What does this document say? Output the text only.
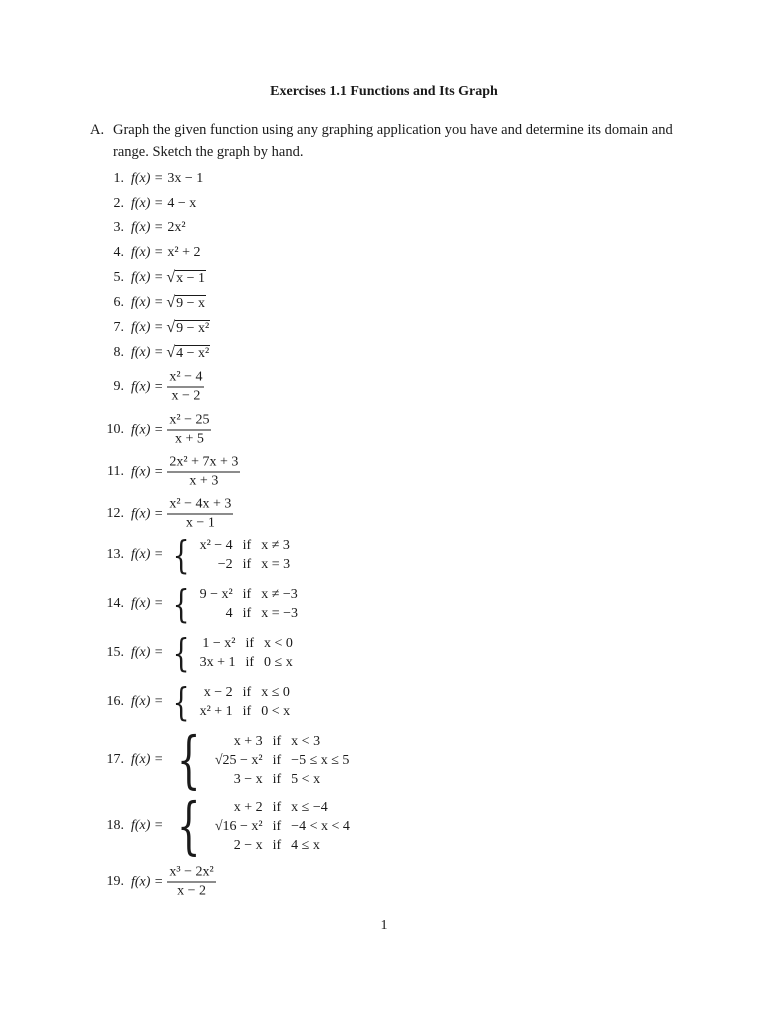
Exercises 1.1 Functions and Its Graph
A. Graph the given function using any graphing application you have and determine its domain and range. Sketch the graph by hand.
1. f(x) = 3x − 1
2. f(x) = 4 − x
3. f(x) = 2x²
4. f(x) = x² + 2
5. f(x) = √ x − 1
6. f(x) = √ 9 − x
7. f(x) = √ 9 − x²
8. f(x) = √ 4 − x²
9. $f(x) = \frac{\text{x² − 4}}{x - 2}$
10. $f(x) = \frac{\text{x² − 25}}{x + 5}$
11. $f(x) = \frac{\text{2x² + 7x + 3}}{x + 3}$
12. $f(x) = \frac{\text{x² − 4x + 3}}{x - 1}$
13. f(x) = { x² − 4 if x ≠ 3
−2 if x = 3
14. f(x) = { 9 − x² if x ≠ −3
4 if x = −3
15. f(x) = { 1 − x² if x < 0
3x + 1 if 0 ≤ x
16. f(x) = { x − 2 if x ≤ 0
x² + 1 if 0 < x
17. f(x) = {	x + 3 if x < 3
√25 − x² if −5 ≤ x ≤ 5
3 − x if 5 < x
18. f(x) = {	x + 2 if x ≤ −4
√16 − x² if −4 < x < 4
2 − x if 4 ≤ x
19. $f(x) = \frac{\text{x³ − 2x²}}{x - 2}$
1
